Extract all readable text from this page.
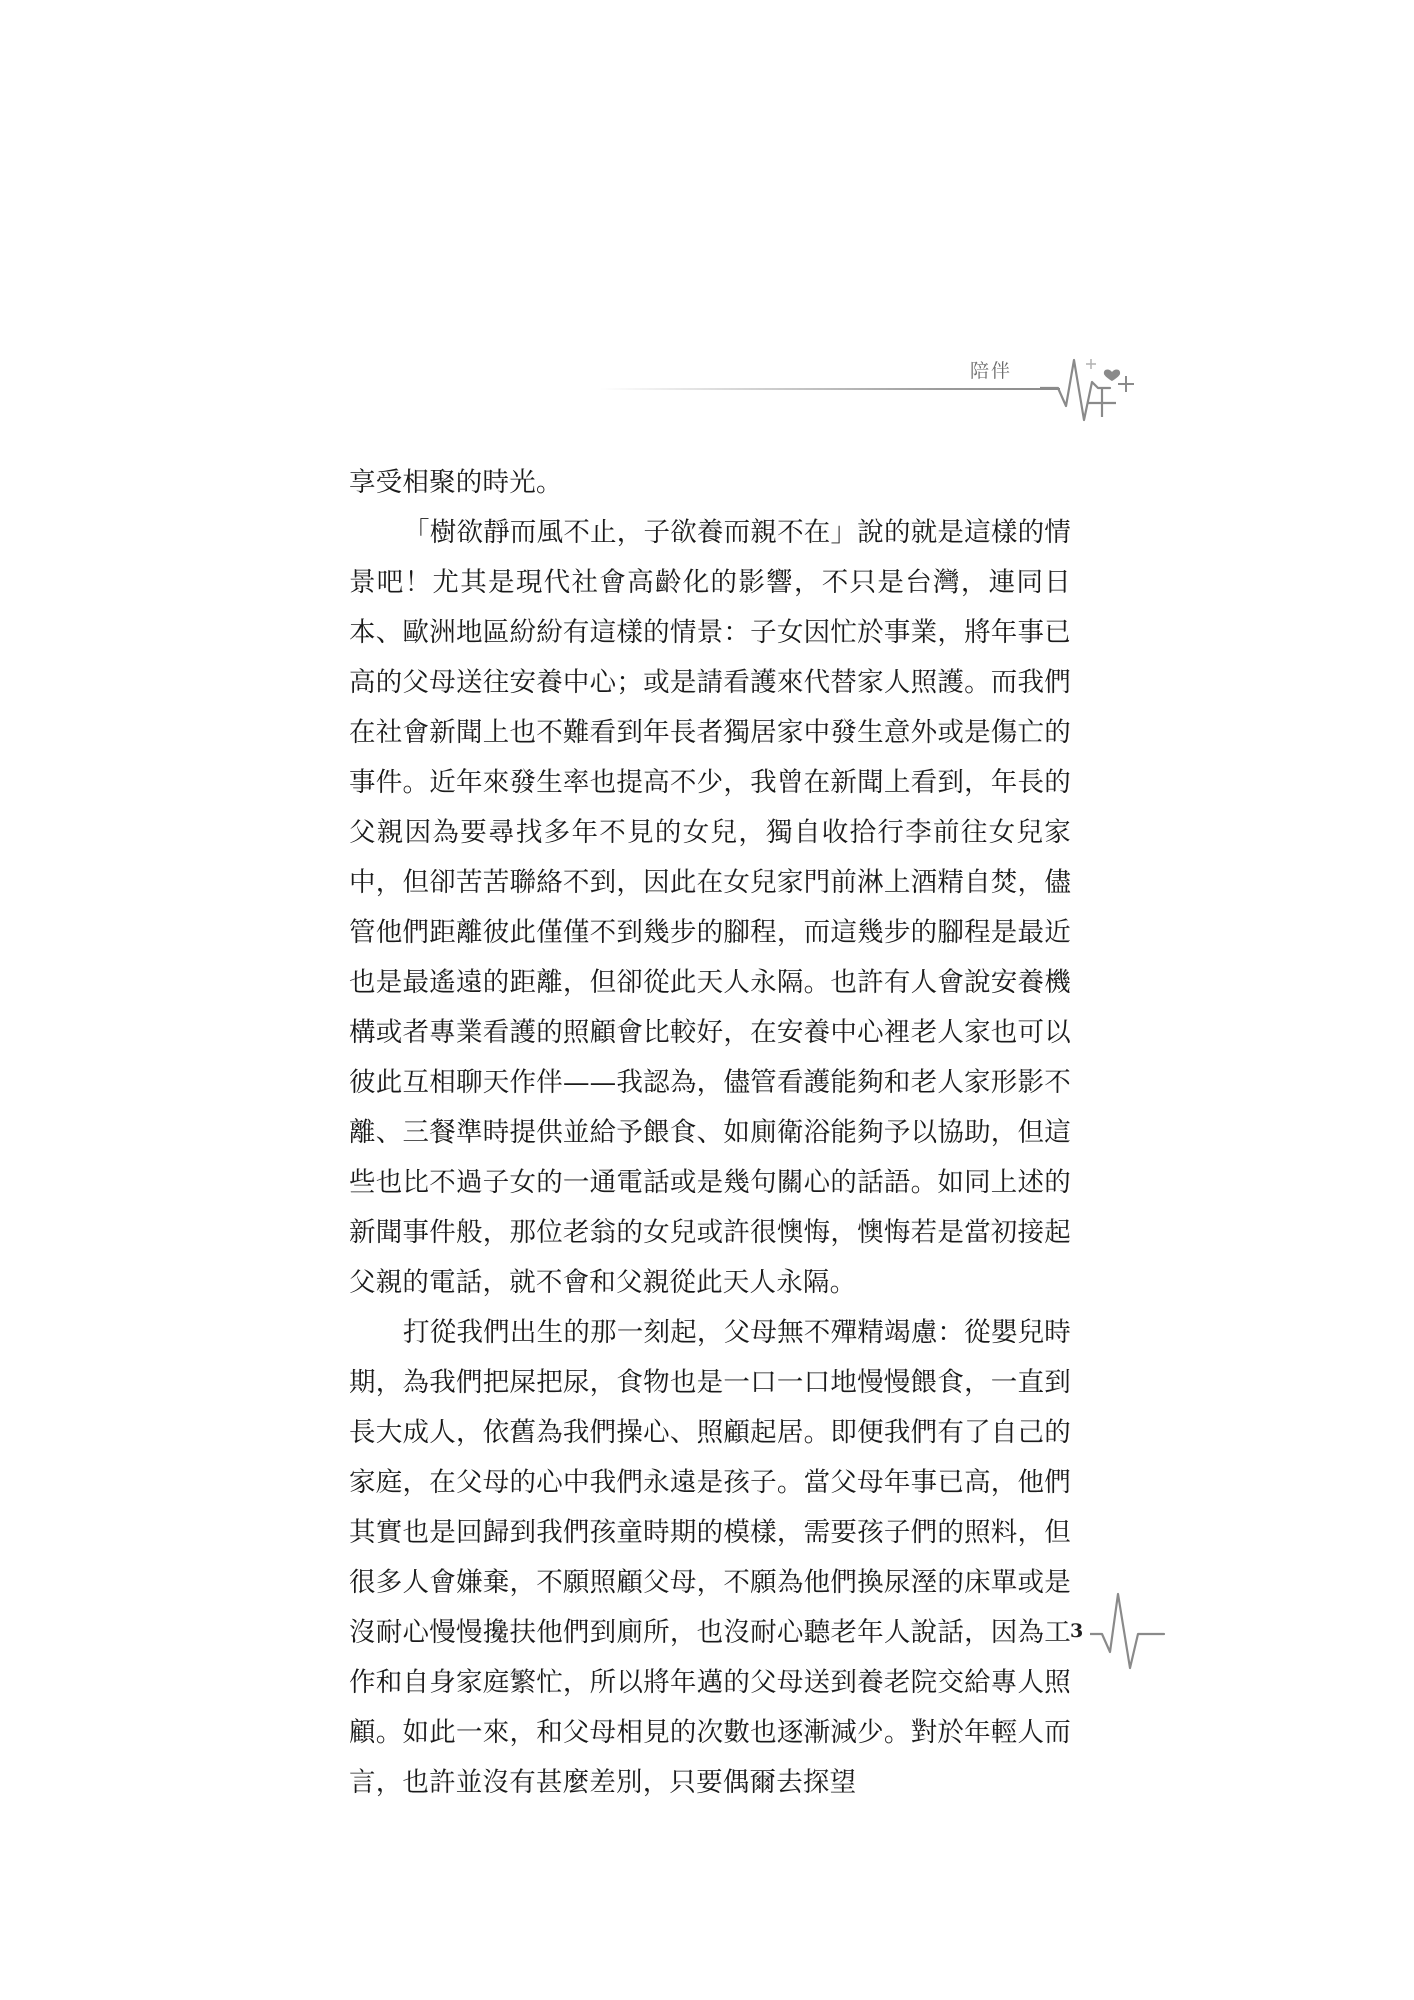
陪伴

享受相聚的時光。

「樹欲靜而風不止，子欲養而親不在」說的就是這樣的情景吧！尤其是現代社會高齡化的影響，不只是台灣，連同日本、歐洲地區紛紛有這樣的情景：子女因忙於事業，將年事已高的父母送往安養中心；或是請看護來代替家人照護。而我們在社會新聞上也不難看到年長者獨居家中發生意外或是傷亡的事件。近年來發生率也提高不少，我曾在新聞上看到，年長的父親因為要尋找多年不見的女兒，獨自收拾行李前往女兒家中，但卻苦苦聯絡不到，因此在女兒家門前淋上酒精自焚，儘管他們距離彼此僅僅不到幾步的腳程，而這幾步的腳程是最近也是最遙遠的距離，但卻從此天人永隔。也許有人會說安養機構或者專業看護的照顧會比較好，在安養中心裡老人家也可以彼此互相聊天作伴——我認為，儘管看護能夠和老人家形影不離、三餐準時提供並給予餵食、如廁衛浴能夠予以協助，但這些也比不過子女的一通電話或是幾句關心的話語。如同上述的新聞事件般，那位老翁的女兒或許很懊悔，懊悔若是當初接起父親的電話，就不會和父親從此天人永隔。

打從我們出生的那一刻起，父母無不殫精竭慮：從嬰兒時期，為我們把屎把尿，食物也是一口一口地慢慢餵食，一直到長大成人，依舊為我們操心、照顧起居。即便我們有了自己的家庭，在父母的心中我們永遠是孩子。當父母年事已高，他們其實也是回歸到我們孩童時期的模樣，需要孩子們的照料，但很多人會嫌棄，不願照顧父母，不願為他們換尿溼的床單或是沒耐心慢慢攙扶他們到廁所，也沒耐心聽老年人說話，因為工作和自身家庭繁忙，所以將年邁的父母送到養老院交給專人照顧。如此一來，和父母相見的次數也逐漸減少。對於年輕人而言，也許並沒有甚麼差別，只要偶爾去探望

3
